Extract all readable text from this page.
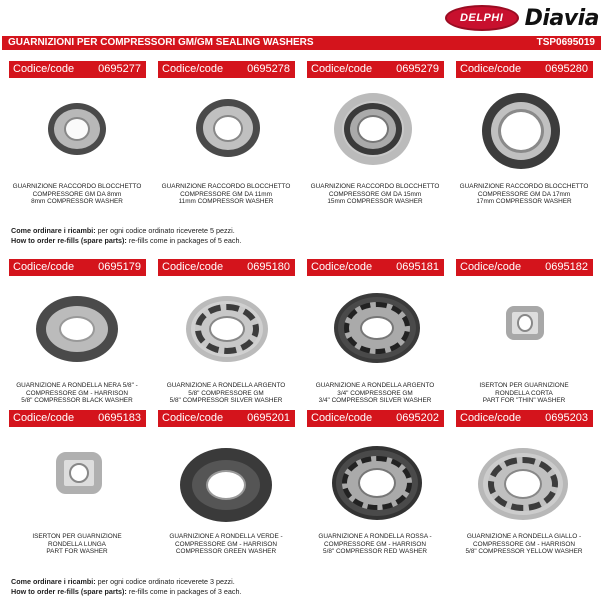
DELPHI Diavia
GUARNIZIONI PER COMPRESSORI GM/GM SEALING WASHERS	TSP0695019
Codice/code 0695277 Codice/code 0695278 Codice/code 0695279 Codice/code 0695280
GUARNIZIONE RACCORDO BLOCCHETTO
COMPRESSORE GM DA 8mm
8mm COMPRESSOR WASHER
GUARNIZIONE RACCORDO BLOCCHETTO
COMPRESSORE GM DA 11mm
11mm COMPRESSOR WASHER
GUARNIZIONE RACCORDO BLOCCHETTO
COMPRESSORE GM DA 15mm
15mm COMPRESSOR WASHER
GUARNIZIONE RACCORDO BLOCCHETTO
COMPRESSORE GM DA 17mm
17mm COMPRESSOR WASHER
Come ordinare i ricambi: per ogni codice ordinato riceverete 5 pezzi.
How to order re-fills (spare parts): re-fills come in packages of 5 each.
Codice/code 0695179 Codice/code 0695180 Codice/code 0695181 Codice/code 0695182
GUARNIZIONE A RONDELLA NERA 5/8" -
COMPRESSORE GM - HARRISON
5/8" COMPRESSOR BLACK WASHER
GUARNIZIONE A RONDELLA ARGENTO
5/8" COMPRESSORE GM
5/8" COMPRESSOR SILVER WASHER
GUARNIZIONE A RONDELLA ARGENTO
3/4" COMPRESSORE GM
3/4" COMPRESSOR SILVER WASHER
ISERTON PER GUARNIZIONE
RONDELLA CORTA
PART FOR "THIN" WASHER
Codice/code 0695183 Codice/code 0695201 Codice/code 0695202 Codice/code 0695203
ISERTON PER GUARNIZIONE
RONDELLA LUNGA
PART FOR WASHER
GUARNIZIONE A RONDELLA VERDE -
COMPRESSORE GM - HARRISON
COMPRESSOR GREEN WASHER
GUARNIZIONE A RONDELLA ROSSA -
COMPRESSORE GM - HARRISON
5/8" COMPRESSOR RED WASHER
GUARNIZIONE A RONDELLA GIALLO -
COMPRESSORE GM - HARRISON
5/8" COMPRESSOR YELLOW WASHER
Come ordinare i ricambi: per ogni codice ordinato riceverete 3 pezzi.
How to order re-fills (spare parts): re-fills come in packages of 3 each.
